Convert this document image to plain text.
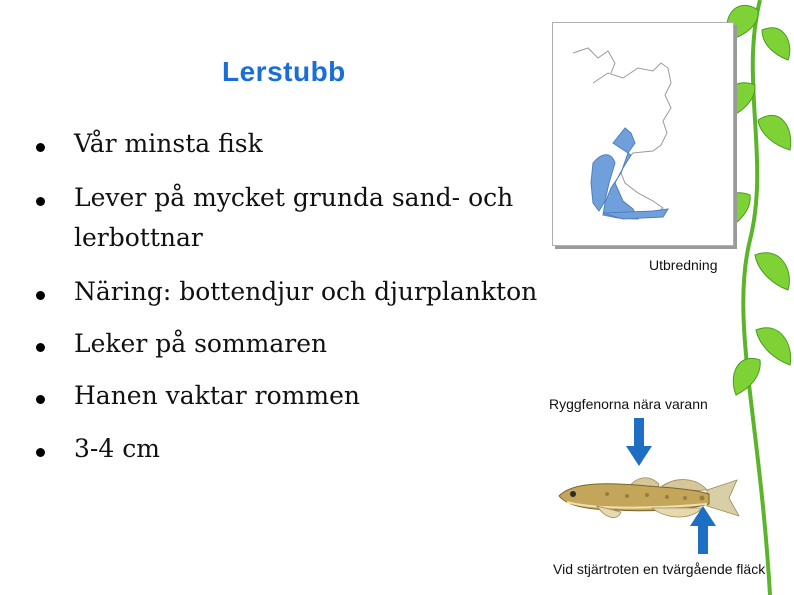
Lerstubb
Vår minsta fisk
Lever på mycket grunda sand- och lerbottnar
Näring: bottendjur och djurplankton
Leker på sommaren
Hanen vaktar rommen
3-4 cm
Utbredning
Ryggfenorna nära varann
Vid stjärtroten en tvärgående fläck
